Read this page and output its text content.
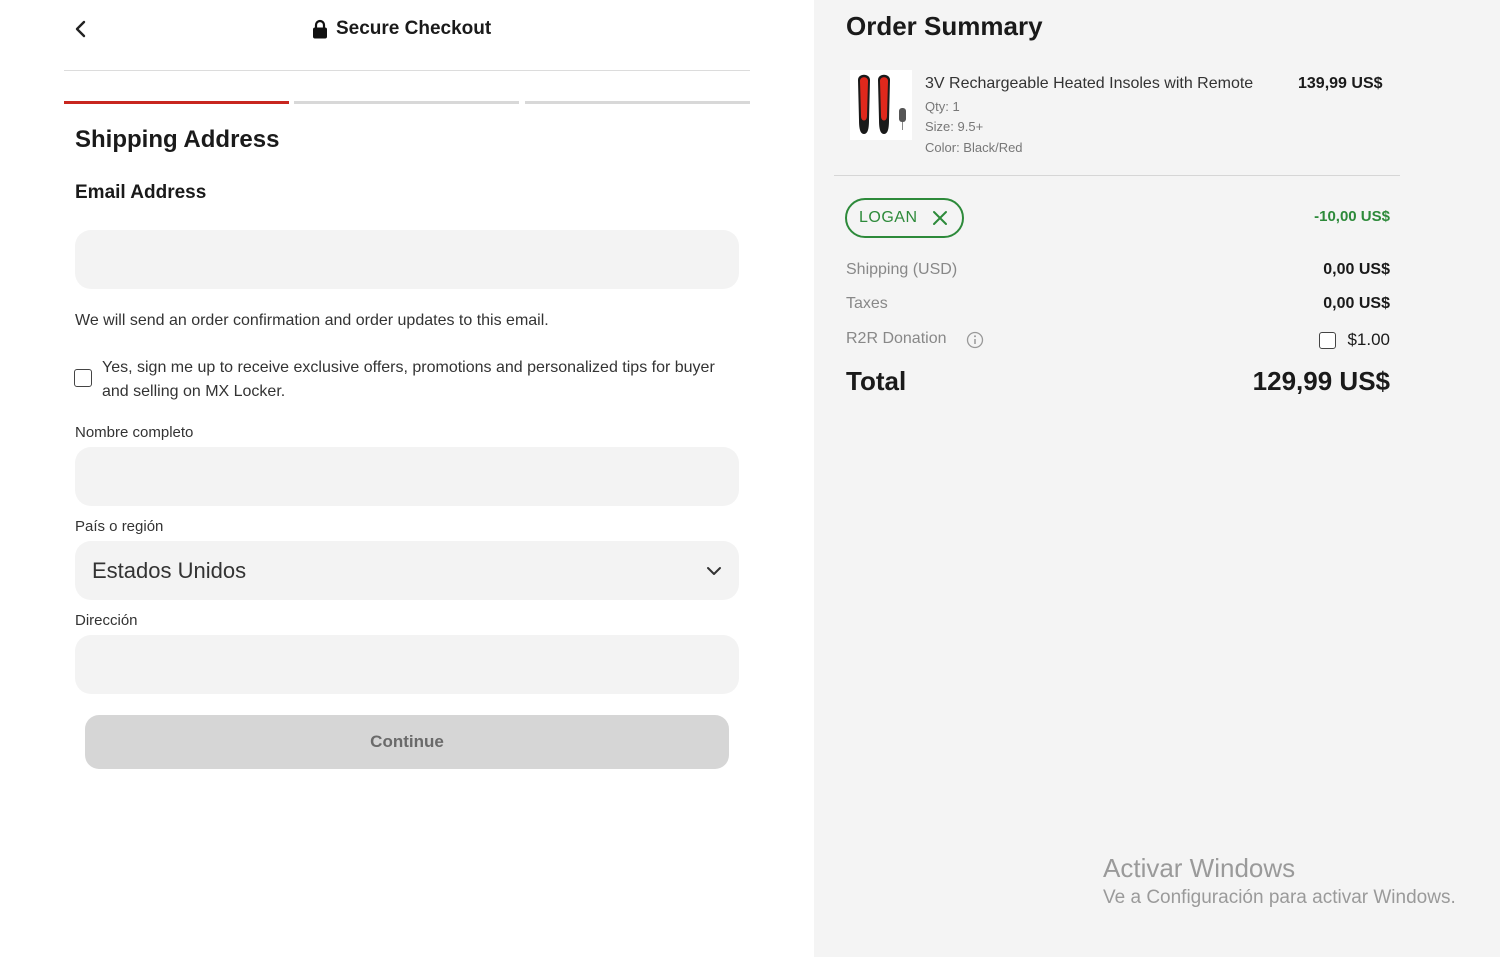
Secure Checkout
Shipping Address
Email Address
We will send an order confirmation and order updates to this email.
Yes, sign me up to receive exclusive offers, promotions and personalized tips for buyer and selling on MX Locker.
Nombre completo
País o región
Estados Unidos
Dirección
Continue
Order Summary
3V Rechargeable Heated Insoles with Remote	139,99 US$
Qty: 1
Size: 9.5+
Color: Black/Red
LOGAN	-10,00 US$
Shipping (USD)	0,00 US$
Taxes	0,00 US$
R2R Donation	$1.00
Total	129,99 US$
Activar Windows
Ve a Configuración para activar Windows.
